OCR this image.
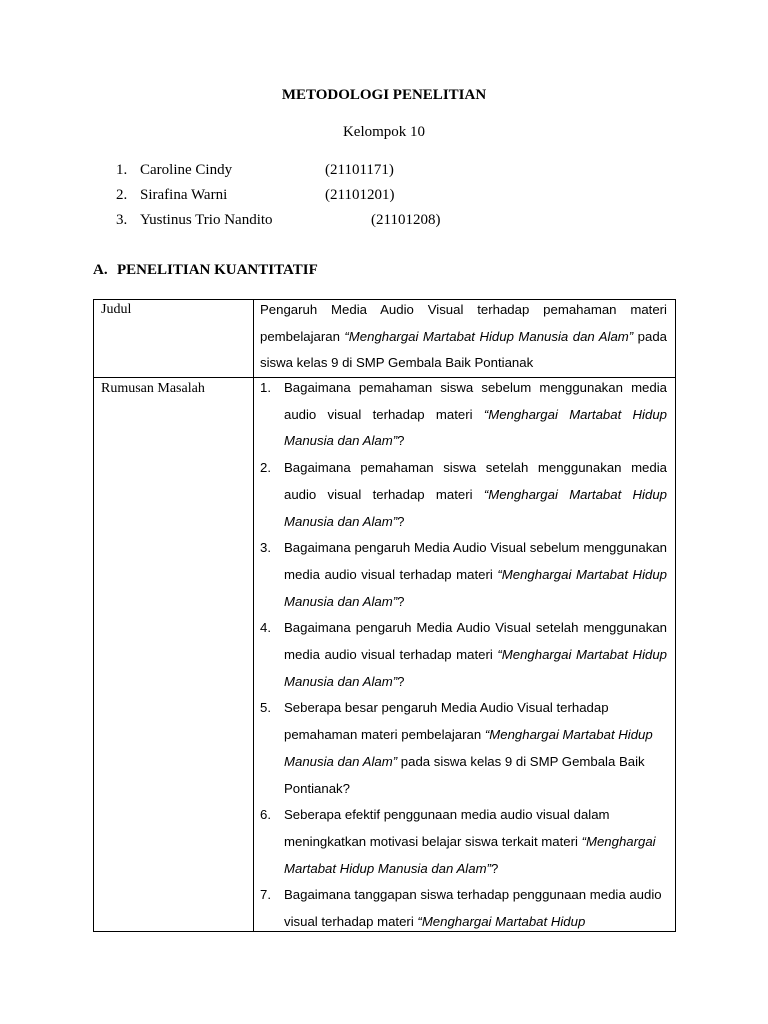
METODOLOGI PENELITIAN
Kelompok 10
1. Caroline Cindy	(21101171)
2. Sirafina Warni	(21101201)
3. Yustinus Trio Nandito	(21101208)
A. PENELITIAN KUANTITATIF
Judul	Pengaruh Media Audio Visual terhadap pemahaman materi pembelajaran “Menghargai Martabat Hidup Manusia dan Alam” pada siswa kelas 9 di SMP Gembala Baik Pontianak
Rumusan Masalah	1. Bagaimana pemahaman siswa sebelum menggunakan media audio visual terhadap materi “Menghargai Martabat Hidup Manusia dan Alam”?
2. Bagaimana pemahaman siswa setelah menggunakan media audio visual terhadap materi “Menghargai Martabat Hidup Manusia dan Alam”?
3. Bagaimana pengaruh Media Audio Visual sebelum menggunakan media audio visual terhadap materi “Menghargai Martabat Hidup Manusia dan Alam”?
4. Bagaimana pengaruh Media Audio Visual setelah menggunakan media audio visual terhadap materi “Menghargai Martabat Hidup Manusia dan Alam”?
5. Seberapa besar pengaruh Media Audio Visual terhadap pemahaman materi pembelajaran “Menghargai Martabat Hidup Manusia dan Alam” pada siswa kelas 9 di SMP Gembala Baik Pontianak?
6. Seberapa efektif penggunaan media audio visual dalam meningkatkan motivasi belajar siswa terkait materi “Menghargai Martabat Hidup Manusia dan Alam”?
7. Bagaimana tanggapan siswa terhadap penggunaan media audio visual terhadap materi “Menghargai Martabat Hidup
